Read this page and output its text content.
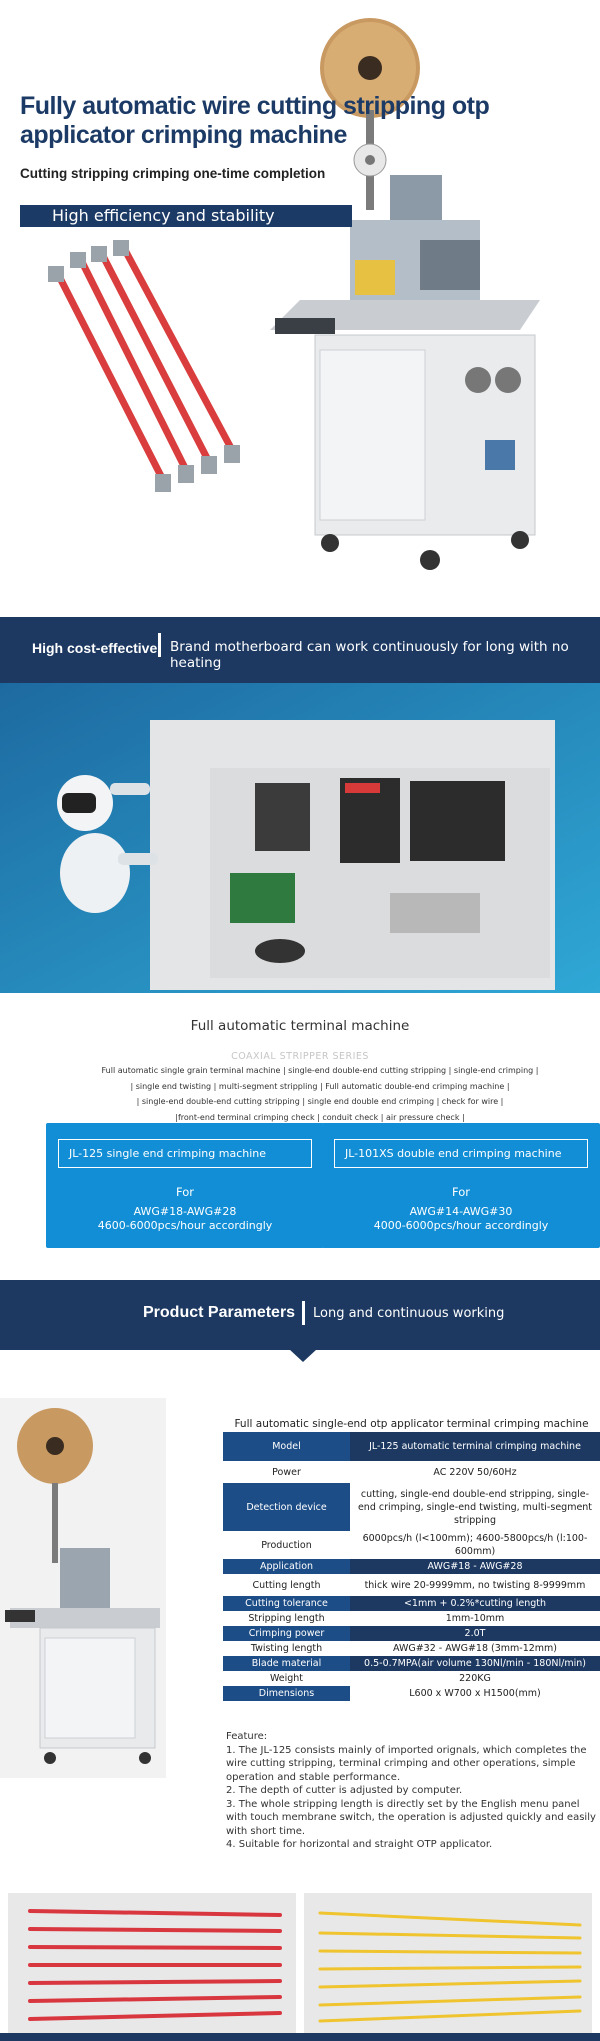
Fully automatic wire cutting stripping otp applicator crimping machine
Cutting stripping crimping one-time completion
High efficiency and stability
High cost-effective Brand motherboard can work continuously for long with no heating
Full automatic terminal machine
COAXIAL STRIPPER SERIES

Full automatic single grain terminal machine | single-end double-end cutting stripping | single-end crimping |

| single end twisting | multi-segment strippling | Full automatic double-end crimping machine |

| single-end double-end cutting stripping | single end double end crimping | check for wire |

|front-end terminal crimping check | conduit check | air pressure check |

JL-125 single end crimping machine
For
AWG#18-AWG#28
4600-6000pcs/hour accordingly
JL-101XS double end crimping machine
For
AWG#14-AWG#30
4000-6000pcs/hour accordingly
Product Parameters Long and continuous working
Full automatic single-end otp applicator terminal crimping machine
Model	JL-125 automatic terminal crimping machine
Power	AC 220V 50/60Hz
Detection device	cutting, single-end double-end stripping, single-end crimping, single-end twisting, multi-segment stripping
Production	6000pcs/h (l<100mm); 4600-5800pcs/h (l:100-600mm)
Application	AWG#18 - AWG#28
Cutting length	thick wire 20-9999mm, no twisting 8-9999mm
Cutting tolerance	<1mm + 0.2%*cutting length
Stripping length	1mm-10mm
Crimping power	2.0T
Twisting length	AWG#32 - AWG#18 (3mm-12mm)
Blade material	0.5-0.7MPA(air volume 130Nl/min - 180Nl/min)
Weight	220KG
Dimensions	L600 x W700 x H1500(mm)

Feature:

1. The JL-125 consists mainly of imported orignals, which completes the wire cutting stripping, terminal crimping and other operations, simple operation and stable performance.

2. The depth of cutter is adjusted by computer.

3. The whole stripping length is directly set by the English menu panel with touch membrane switch, the operation is adjusted quickly and easily with short time.

4. Suitable for horizontal and straight OTP applicator.
